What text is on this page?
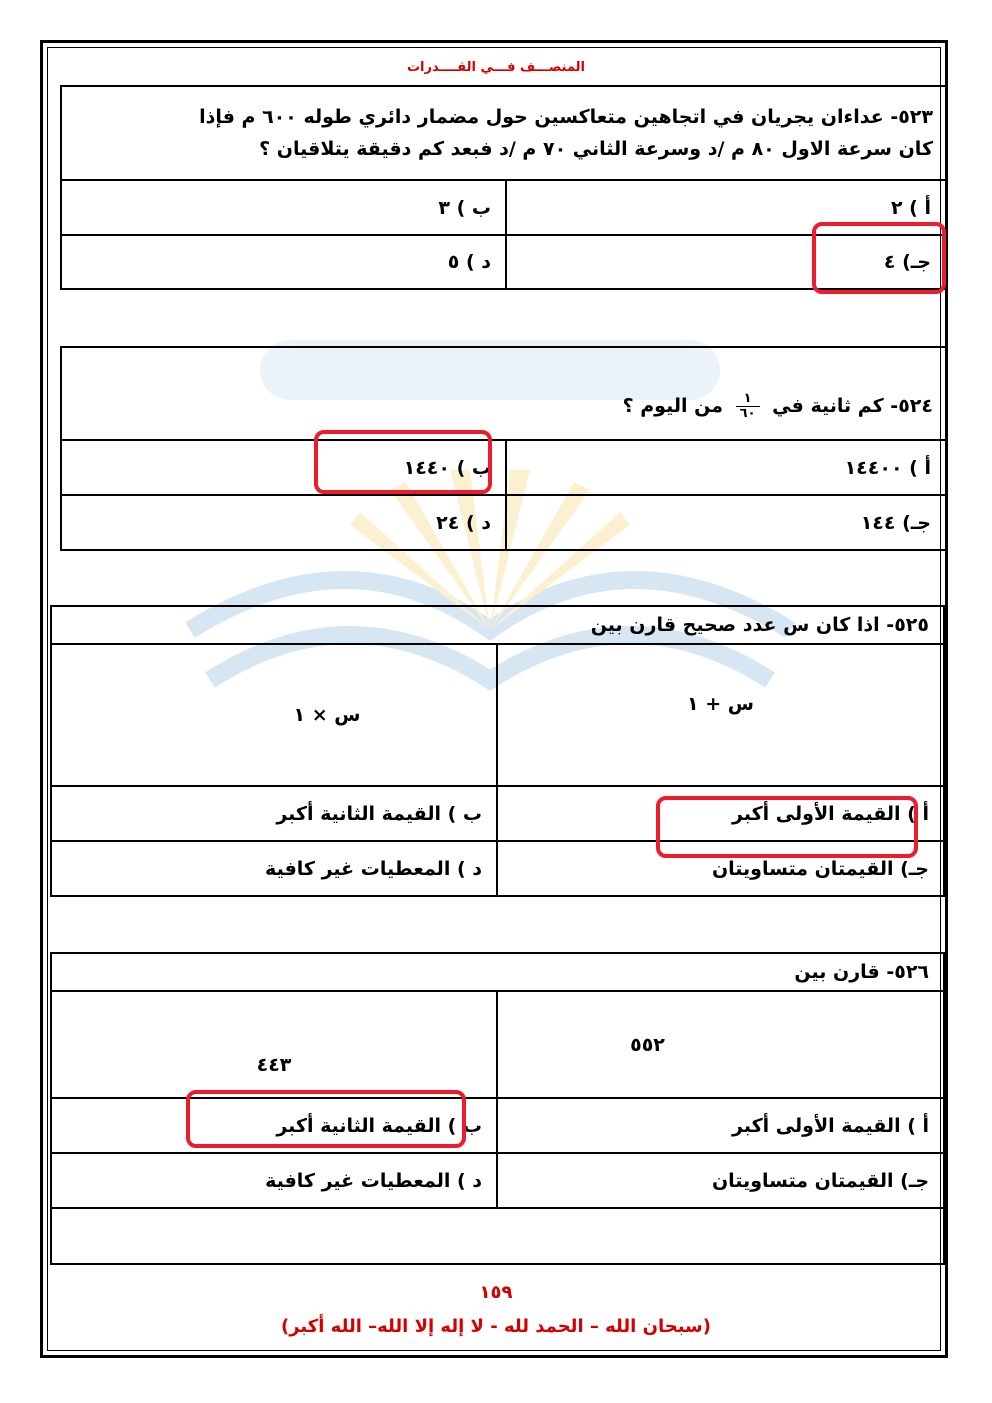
المنصـــف فـــي القــــدرات
٥٢٣- عداءان يجريان في اتجاهين متعاكسين حول مضمار دائري طوله ٦٠٠ م فإذا
كان سرعة الاول ٨٠ م /د وسرعة الثاني ٧٠ م /د فبعد كم دقيقة يتلاقيان ؟	

أ ) ٢	ب ) ٣
جـ) ٤	د ) ٥
٥٢٤- كم ثانية في
$\frac{١}{٦٠}$
من اليوم ؟	
أ ) ١٤٤٠٠	ب ) ١٤٤٠
جـ) ١٤٤	د ) ٢٤
٥٢٥- اذا كان س عدد صحيح قارن بين	
س + ١	س × ١
أ ) القيمة الأولى أكبر	ب ) القيمة الثانية أكبر
جـ) القيمتان متساويتان	د ) المعطيات غير كافية
٥٢٦- قارن بين	
٥٥٢	٤٤٣
أ ) القيمة الأولى أكبر	ب ) القيمة الثانية أكبر
جـ) القيمتان متساويتان	د ) المعطيات غير كافية

١٥٩
(سبحان الله – الحمد لله - لا إله إلا الله– الله أكبر)
